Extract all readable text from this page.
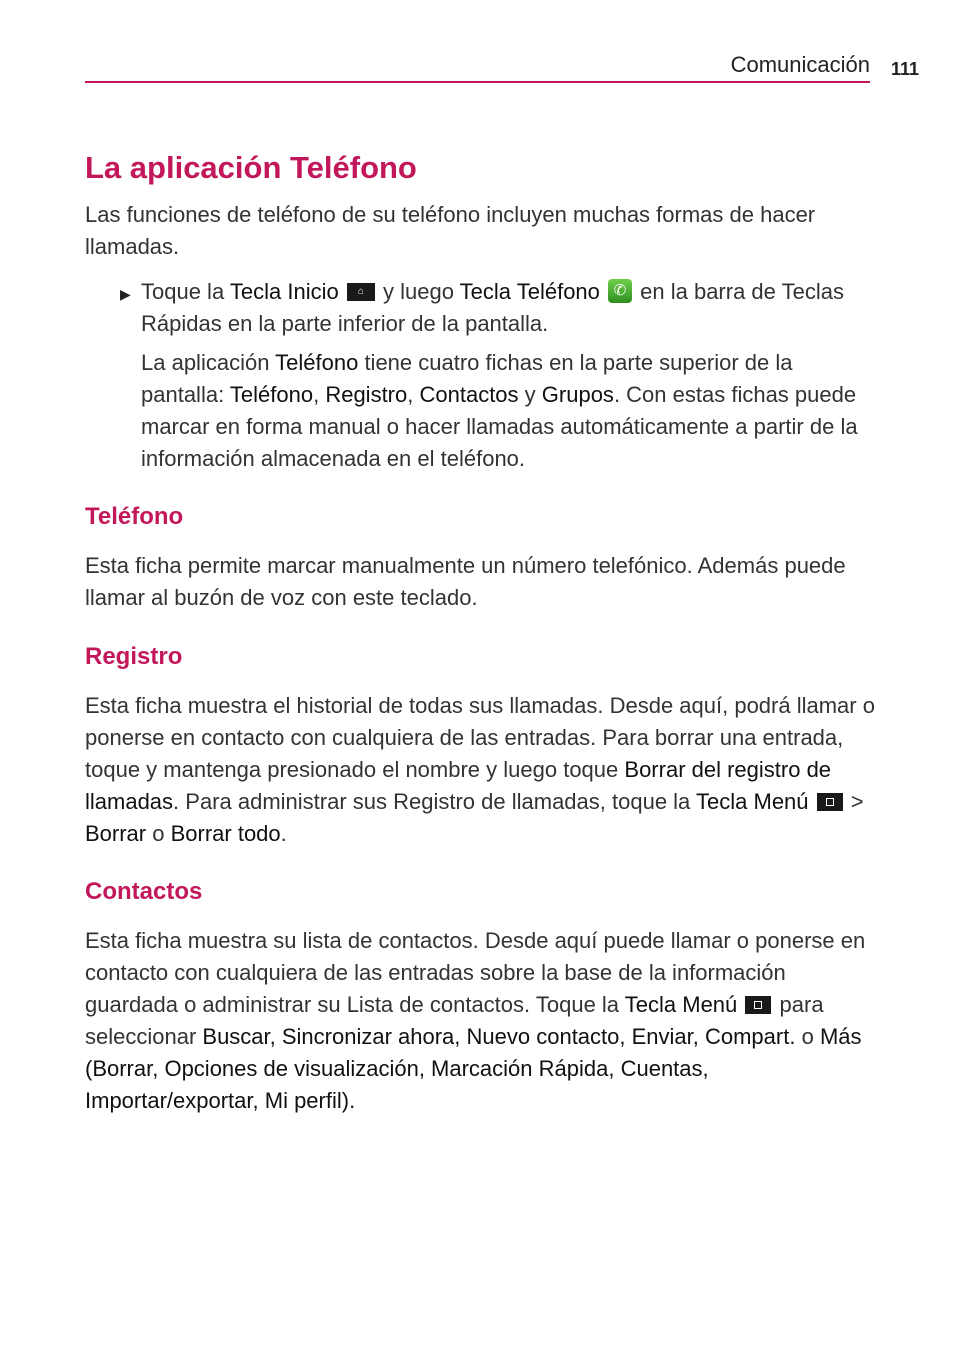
Comunicación 111
La aplicación Teléfono

Las funciones de teléfono de su teléfono incluyen muchas formas de hacer llamadas.

▶ Toque la Tecla Inicio ⌂ y luego Tecla Teléfono ✆ en la barra de Teclas Rápidas en la parte inferior de la pantalla.

La aplicación Teléfono tiene cuatro fichas en la parte superior de la pantalla: Teléfono, Registro, Contactos y Grupos. Con estas fichas puede marcar en forma manual o hacer llamadas automáticamente a partir de la información almacenada en el teléfono.

Teléfono

Esta ficha permite marcar manualmente un número telefónico. Además puede llamar al buzón de voz con este teclado.

Registro

Esta ficha muestra el historial de todas sus llamadas. Desde aquí, podrá llamar o ponerse en contacto con cualquiera de las entradas. Para borrar una entrada, toque y mantenga presionado el nombre y luego toque Borrar del registro de llamadas. Para administrar sus Registro de llamadas, toque la Tecla Menú
> Borrar o Borrar todo.

Contactos

Esta ficha muestra su lista de contactos. Desde aquí puede llamar o ponerse en contacto con cualquiera de las entradas sobre la base de la información guardada o administrar su Lista de contactos. Toque la Tecla Menú
para seleccionar Buscar, Sincronizar ahora, Nuevo contacto, Enviar, Compart. o Más (Borrar, Opciones de visualización, Marcación Rápida, Cuentas, Importar/exportar, Mi perfil).
